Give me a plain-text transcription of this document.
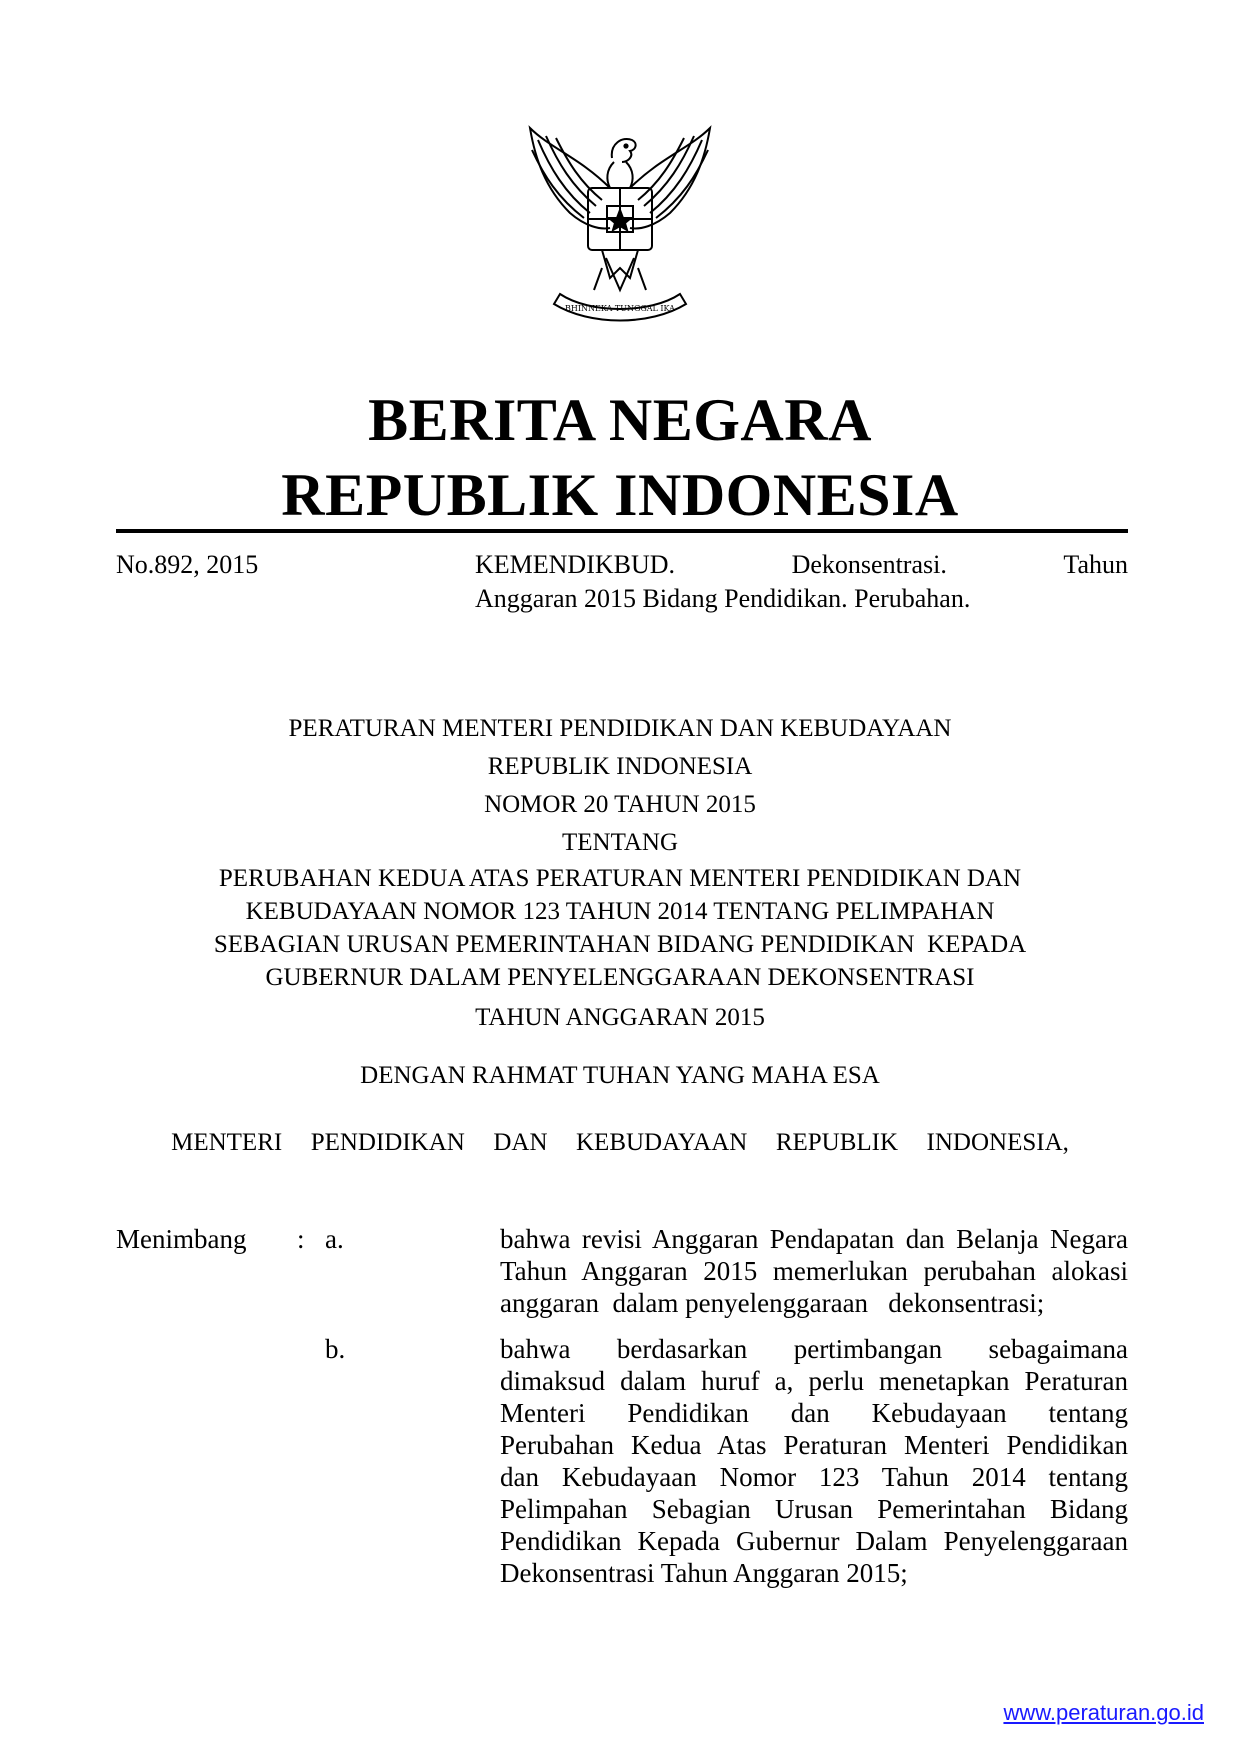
BHINNEKA TUNGGAL IKA
BERITA NEGARA
REPUBLIK INDONESIA
No.892, 2015	KEMENDIKBUD.	Dekonsentrasi.	Tahun
Anggaran 2015 Bidang Pendidikan. Perubahan.
PERATURAN MENTERI PENDIDIKAN DAN KEBUDAYAAN
REPUBLIK INDONESIA
NOMOR 20 TAHUN 2015
TENTANG
PERUBAHAN KEDUA ATAS PERATURAN MENTERI PENDIDIKAN DAN
KEBUDAYAAN NOMOR 123 TAHUN 2014 TENTANG PELIMPAHAN
SEBAGIAN URUSAN PEMERINTAHAN BIDANG PENDIDIKAN  KEPADA
GUBERNUR DALAM PENYELENGGARAAN DEKONSENTRASI
TAHUN ANGGARAN 2015
DENGAN RAHMAT TUHAN YANG MAHA ESA
MENTERI  PENDIDIKAN  DAN  KEBUDAYAAN  REPUBLIK  INDONESIA,
Menimbang : a.	bahwa revisi Anggaran Pendapatan dan Belanja Negara
Tahun Anggaran 2015 memerlukan perubahan alokasi
anggaran  dalam penyelenggaraan   dekonsentrasi;
b.	bahwa berdasarkan pertimbangan sebagaimana
dimaksud dalam huruf a, perlu menetapkan Peraturan
Menteri Pendidikan dan Kebudayaan tentang
Perubahan Kedua Atas Peraturan Menteri Pendidikan
dan Kebudayaan Nomor 123 Tahun 2014 tentang
Pelimpahan Sebagian Urusan Pemerintahan Bidang
Pendidikan Kepada Gubernur Dalam Penyelenggaraan
Dekonsentrasi Tahun Anggaran 2015;
www.peraturan.go.id
